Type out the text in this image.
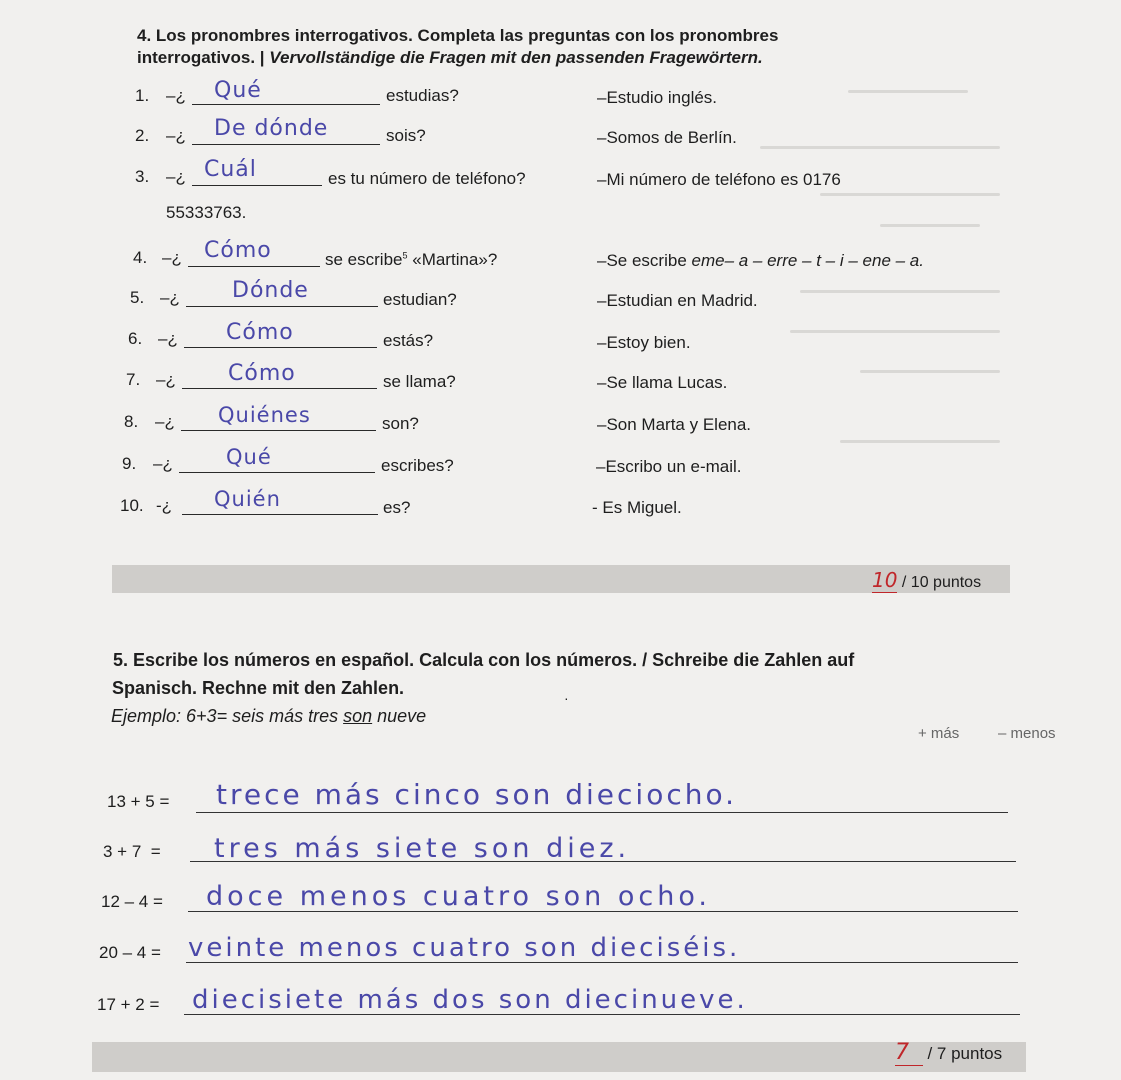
4. Los pronombres interrogativos. Completa las preguntas con los pronombres
interrogativos. | Vervollständige die Fragen mit den passenden Fragewörtern.
1. –¿ Qué	estudias?	–Estudio inglés.
2. –¿ De dónde	sois?	–Somos de Berlín.
3. –¿ Cuál	es tu número de teléfono?	–Mi número de teléfono es 0176
55333763.
4. –¿ Cómo	se escribe$^5$ «Martina»?	–Se escribe eme– a – erre – t – i – ene – a.
5. –¿ Dónde	estudian?	–Estudian en Madrid.
6. –¿ Cómo	estás?	–Estoy bien.
7. –¿ Cómo	se llama?	–Se llama Lucas.
8. –¿ Quiénes	son?	–Son Marta y Elena.
9. –¿	Qué	escribes?	–Escribo un e-mail.
10. -¿ Quién	es?	- Es Miguel.
10 / 10 puntos
5. Escribe los números en español. Calcula con los números. / Schreibe die Zahlen auf
Spanisch. Rechne mit den Zahlen.
Ejemplo: 6+3= seis más tres son nueve
·
+ más	– menos
13 + 5 = trece más cinco son dieciocho.
3 + 7  = tres más siete son diez.
12 – 4 = doce menos cuatro son ocho.
20 – 4 = veinte menos cuatro son dieciséis.
17 + 2 = diecisiete más dos son diecinueve.
7 / 7 puntos
